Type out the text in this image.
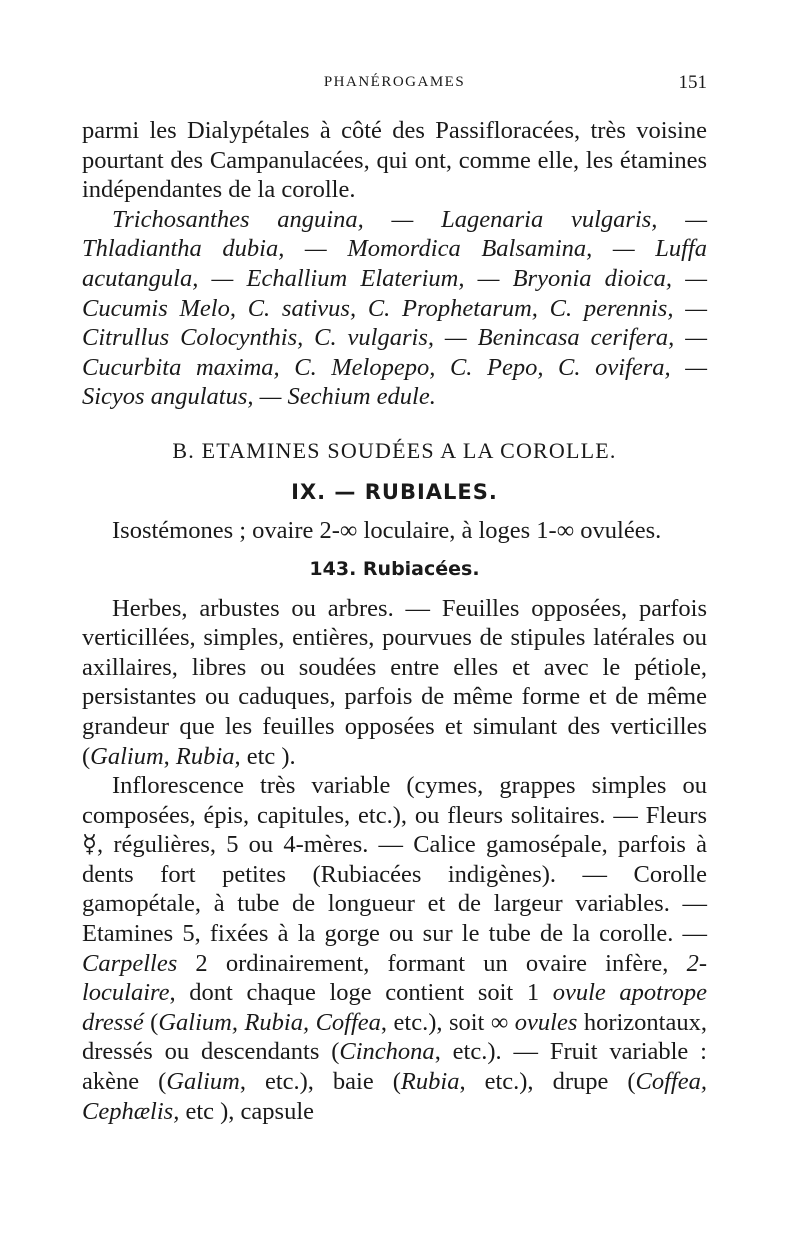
PHANÉROGAMES	151

parmi les Dialypétales à côté des Passifloracées, très voisine pourtant des Campanulacées, qui ont, comme elle, les étamines indépendantes de la corolle.

Trichosanthes anguina, — Lagenaria vulgaris, — Thladiantha dubia, — Momordica Balsamina, — Luffa acutangula, — Echallium Elaterium, — Bryonia dioica, — Cucumis Melo, C. sativus, C. Prophetarum, C. perennis, — Citrullus Colocynthis, C. vulgaris, — Benincasa cerifera, — Cucurbita maxima, C. Melopepo, C. Pepo, C. ovifera, — Sicyos angulatus, — Sechium edule.

B. ETAMINES SOUDÉES A LA COROLLE.
IX. — RUBIALES.

Isostémones ; ovaire 2-∞ loculaire, à loges 1-∞ ovulées.

143. Rubiacées.

Herbes, arbustes ou arbres. — Feuilles opposées, parfois verticillées, simples, entières, pourvues de stipules latérales ou axillaires, libres ou soudées entre elles et avec le pétiole, persistantes ou caduques, parfois de même forme et de même grandeur que les feuilles opposées et simulant des verticilles (Galium, Rubia, etc ).

Inflorescence très variable (cymes, grappes simples ou composées, épis, capitules, etc.), ou fleurs solitaires. — Fleurs ☿, régulières, 5 ou 4-mères. — Calice gamosépale, parfois à dents fort petites (Rubiacées indigènes). — Corolle gamopétale, à tube de longueur et de largeur variables. — Etamines 5, fixées à la gorge ou sur le tube de la corolle. — Carpelles 2 ordinairement, formant un ovaire infère, 2-loculaire, dont chaque loge contient soit 1 ovule apotrope dressé (Galium, Rubia, Coffea, etc.), soit ∞ ovules horizontaux, dressés ou descendants (Cinchona, etc.). — Fruit variable : akène (Galium, etc.), baie (Rubia, etc.), drupe (Coffea, Cephælis, etc ), capsule
